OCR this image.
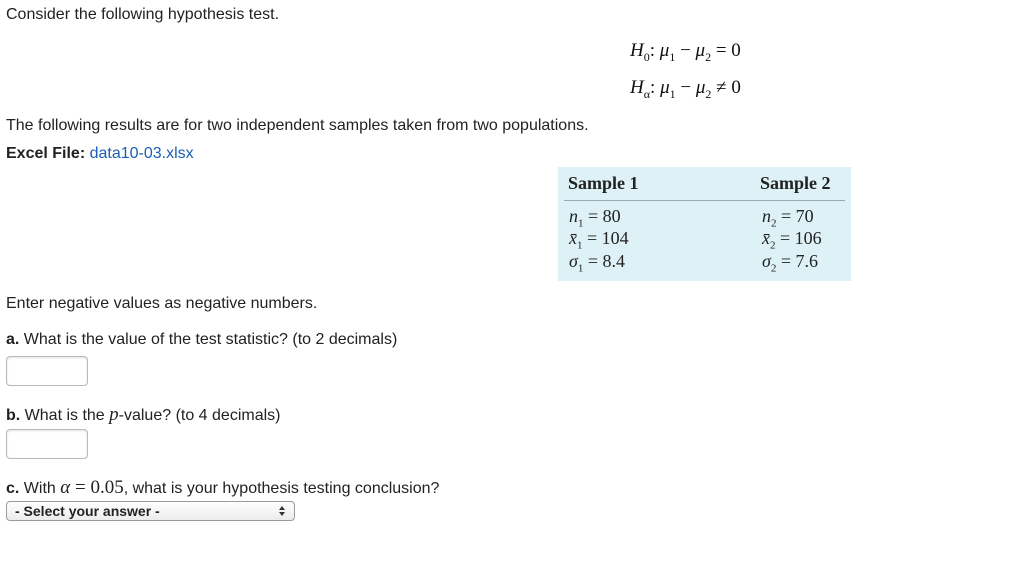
Consider the following hypothesis test.
$H_0$: $\mu_1 - \mu_2 = 0$
$H_\alpha$: $\mu_1 - \mu_2 \ne 0$
The following results are for two independent samples taken from two populations.
Excel File: data10-03.xlsx
Sample 1	Sample 2
$n_1 = 80$
$x̄_1 = 104$
$\sigma_1 = 8.4$
$n_2 = 70$
$x̄_2 = 106$
$\sigma_2 = 7.6$
Enter negative values as negative numbers.
a. What is the value of the test statistic? (to 2 decimals)
b. What is the p-value? (to 4 decimals)
c. With α = 0.05, what is your hypothesis testing conclusion?
- Select your answer -
